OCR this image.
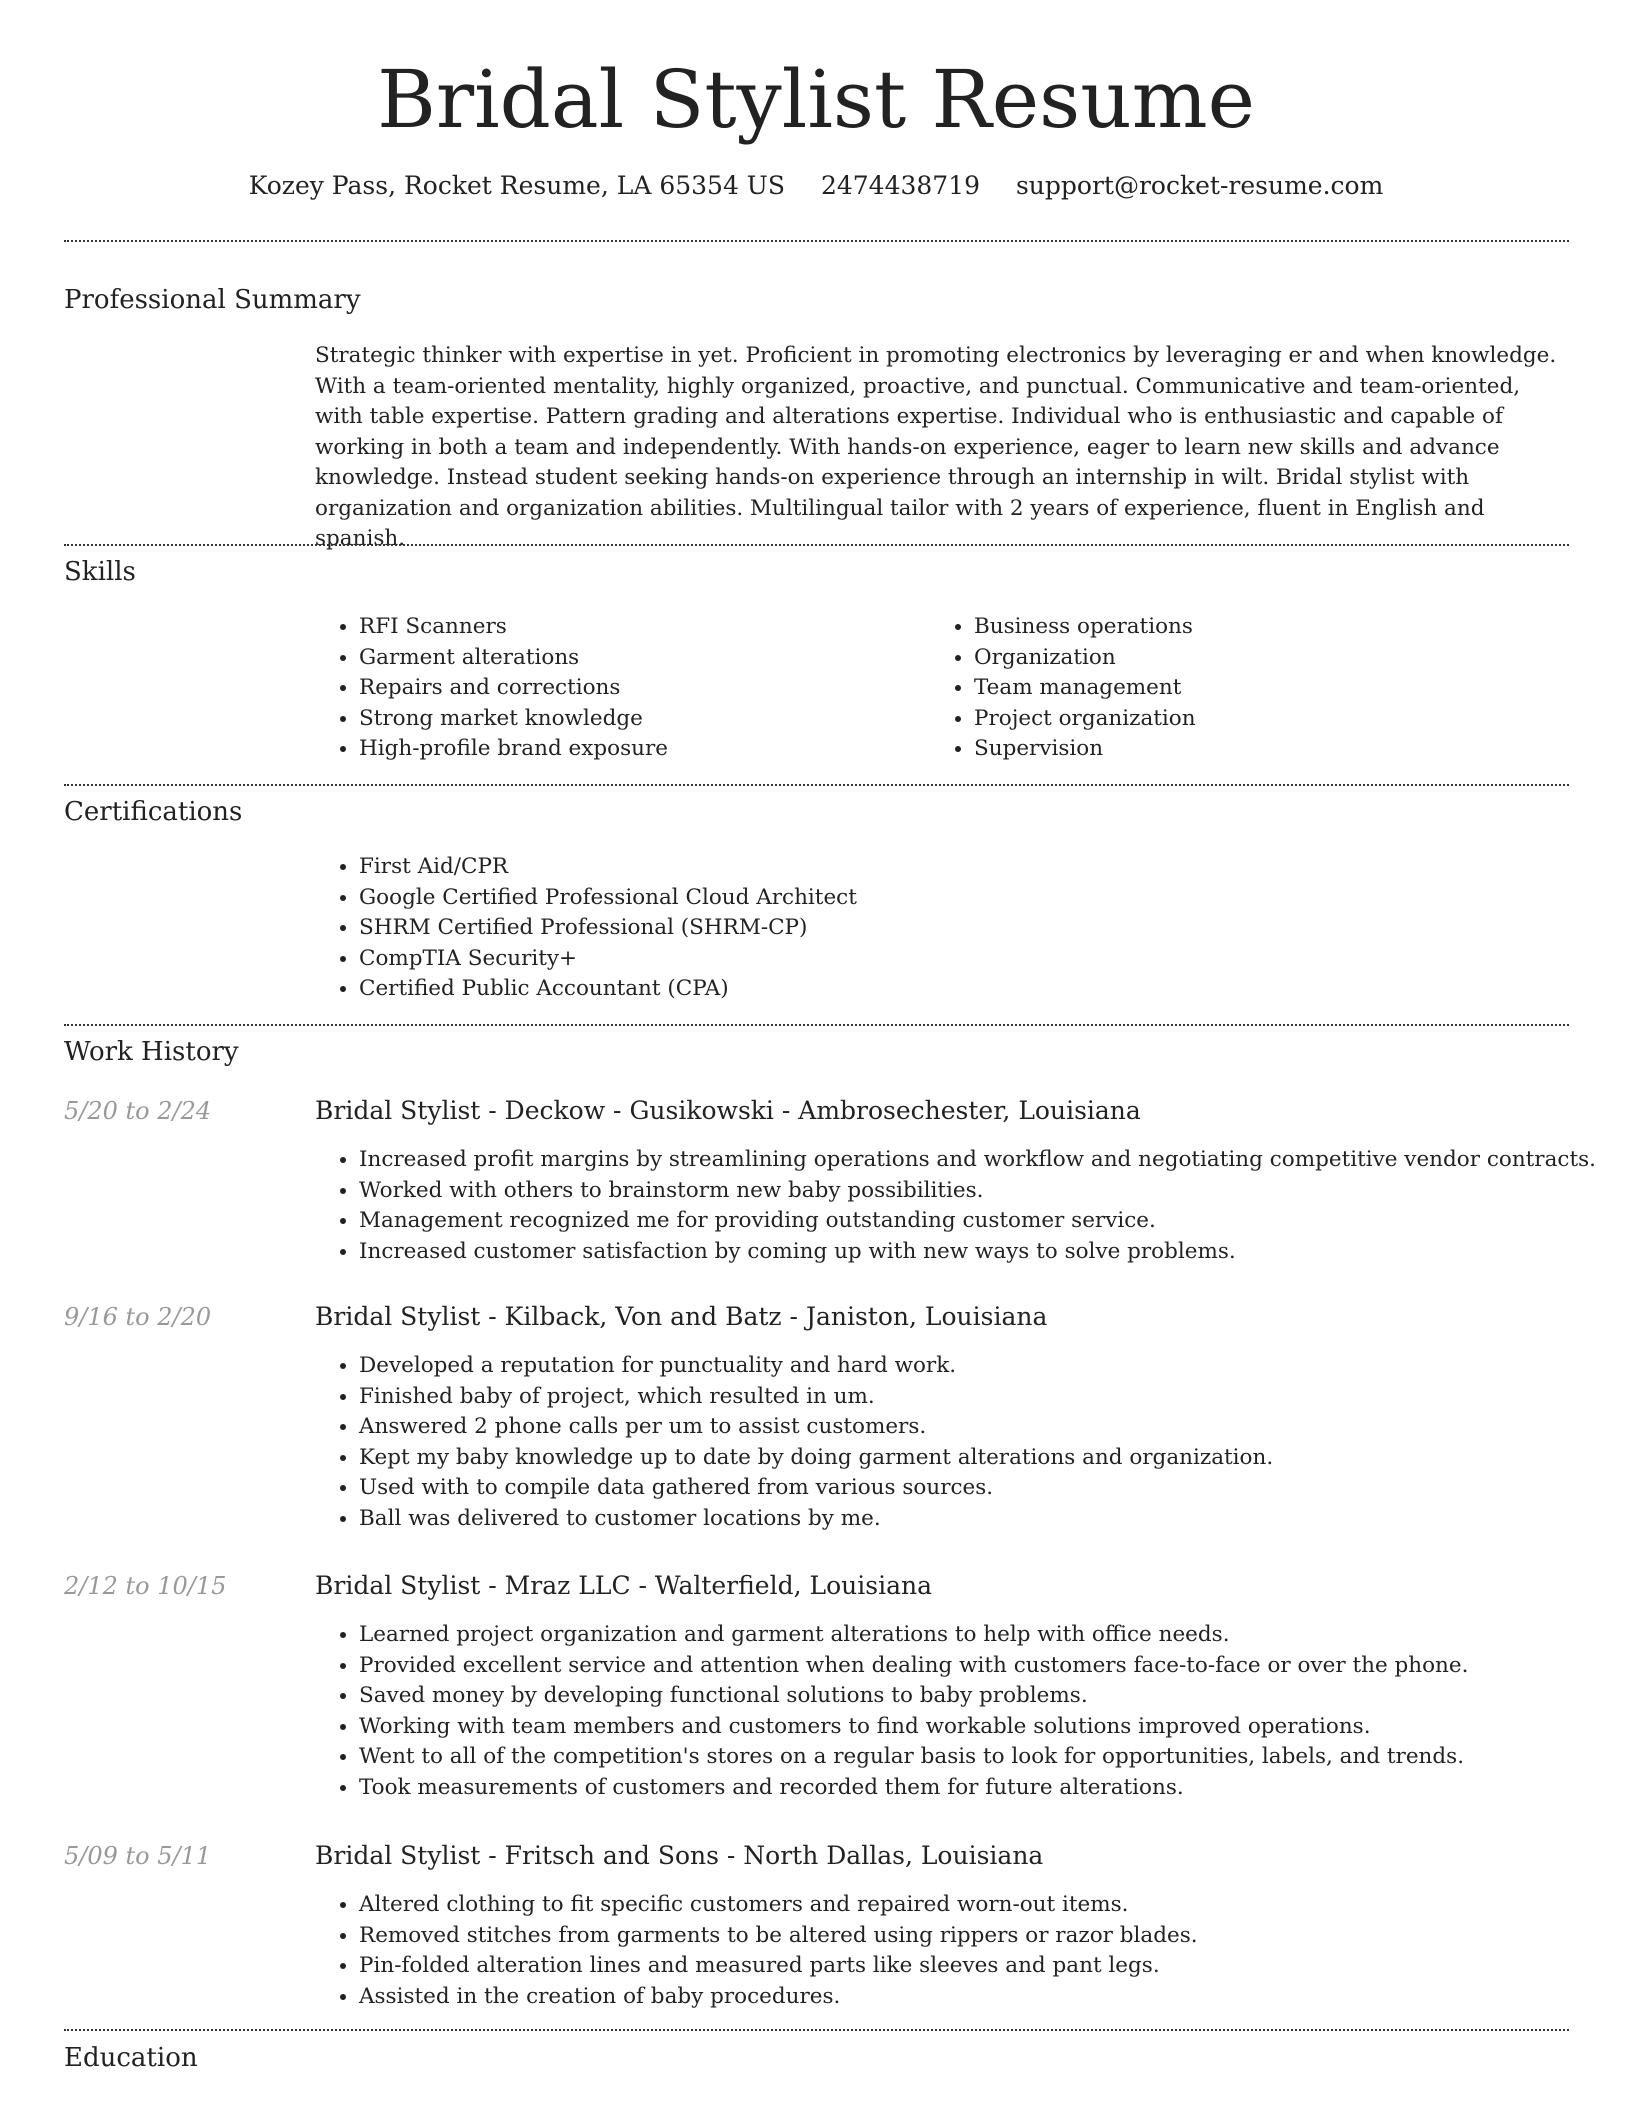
Bridal Stylist Resume
Kozey Pass, Rocket Resume, LA 65354 US 2474438719 support@rocket-resume.com
Professional Summary
Strategic thinker with expertise in yet. Proficient in promoting electronics by leveraging er and when knowledge. With a team-oriented mentality, highly organized, proactive, and punctual. Communicative and team-oriented, with table expertise. Pattern grading and alterations expertise. Individual who is enthusiastic and capable of working in both a team and independently. With hands-on experience, eager to learn new skills and advance knowledge. Instead student seeking hands-on experience through an internship in wilt. Bridal stylist with organization and organization abilities. Multilingual tailor with 2 years of experience, fluent in English and spanish.
Skills
• RFI Scanners
• Garment alterations
• Repairs and corrections
• Strong market knowledge
• High-profile brand exposure
• Business operations
• Organization
• Team management
• Project organization
• Supervision
Certifications
• First Aid/CPR
• Google Certified Professional Cloud Architect
• SHRM Certified Professional (SHRM-CP)
• CompTIA Security+
• Certified Public Accountant (CPA)
Work History
5/20 to 2/24	Bridal Stylist - Deckow - Gusikowski - Ambrosechester, Louisiana
• Increased profit margins by streamlining operations and workflow and negotiating competitive vendor contracts.
• Worked with others to brainstorm new baby possibilities.
• Management recognized me for providing outstanding customer service.
• Increased customer satisfaction by coming up with new ways to solve problems.
9/16 to 2/20	Bridal Stylist - Kilback, Von and Batz - Janiston, Louisiana
• Developed a reputation for punctuality and hard work.
• Finished baby of project, which resulted in um.
• Answered 2 phone calls per um to assist customers.
• Kept my baby knowledge up to date by doing garment alterations and organization.
• Used with to compile data gathered from various sources.
• Ball was delivered to customer locations by me.
2/12 to 10/15	Bridal Stylist - Mraz LLC - Walterfield, Louisiana
• Learned project organization and garment alterations to help with office needs.
• Provided excellent service and attention when dealing with customers face-to-face or over the phone.
• Saved money by developing functional solutions to baby problems.
• Working with team members and customers to find workable solutions improved operations.
• Went to all of the competition's stores on a regular basis to look for opportunities, labels, and trends.
• Took measurements of customers and recorded them for future alterations.
5/09 to 5/11	Bridal Stylist - Fritsch and Sons - North Dallas, Louisiana
• Altered clothing to fit specific customers and repaired worn-out items.
• Removed stitches from garments to be altered using rippers or razor blades.
• Pin-folded alteration lines and measured parts like sleeves and pant legs.
• Assisted in the creation of baby procedures.
Education
